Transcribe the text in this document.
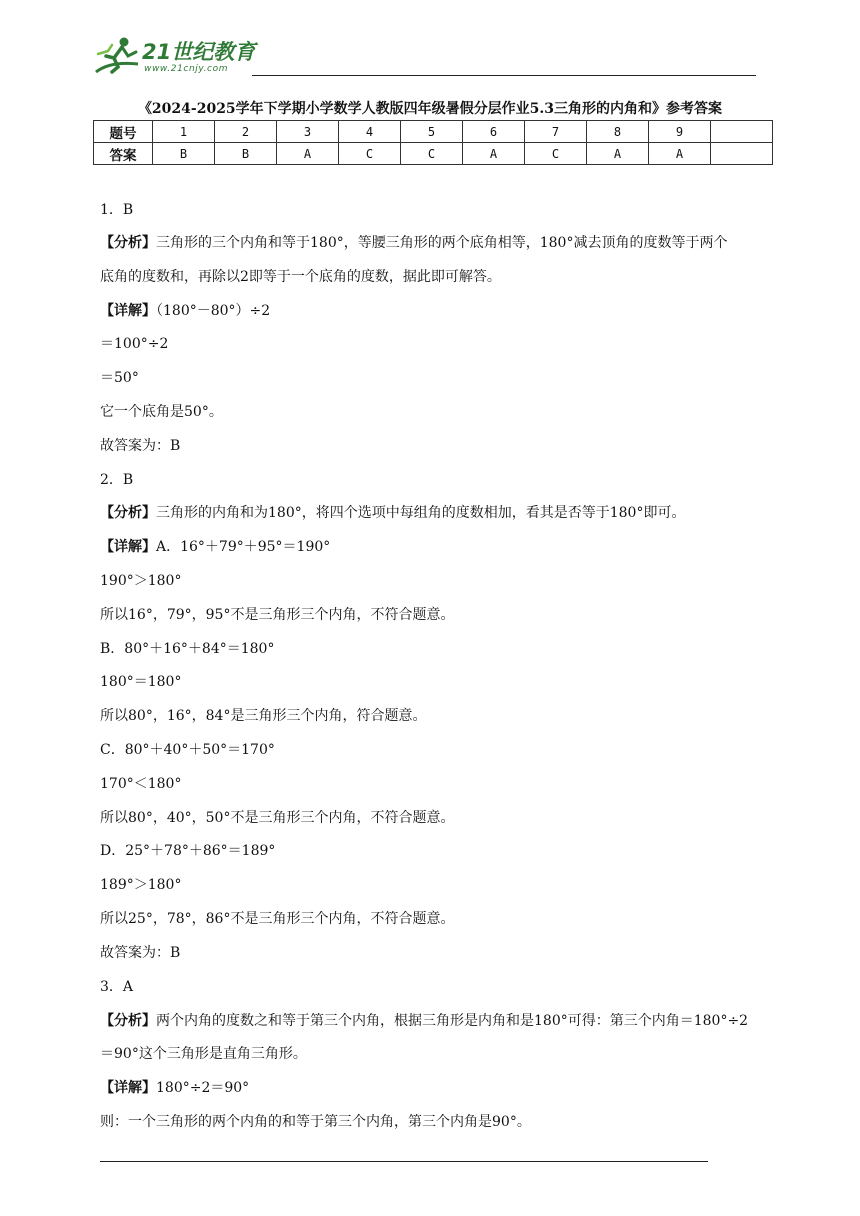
21世纪教育
www.21cnjy.com
《2024-2025学年下学期小学数学人教版四年级暑假分层作业5.3三角形的内角和》参考答案
题号	1	2	3	4	5	6	7	8	9	
答案	B	B	A	C	C	A	C	A	A	
1．B
【分析】三角形的三个内角和等于180°，等腰三角形的两个底角相等，180°减去顶角的度数等于两个
底角的度数和，再除以2即等于一个底角的度数，据此即可解答。
【详解】（180°－80°）÷2
＝100°÷2
＝50°
它一个底角是50°。
故答案为：B
2．B
【分析】三角形的内角和为180°，将四个选项中每组角的度数相加，看其是否等于180°即可。
【详解】A．16°＋79°＋95°＝190°
190°＞180°
所以16°，79°，95°不是三角形三个内角，不符合题意。
B．80°＋16°＋84°＝180°
180°＝180°
所以80°，16°，84°是三角形三个内角，符合题意。
C．80°＋40°＋50°＝170°
170°＜180°
所以80°，40°，50°不是三角形三个内角，不符合题意。
D．25°＋78°＋86°＝189°
189°＞180°
所以25°，78°，86°不是三角形三个内角，不符合题意。
故答案为：B
3．A
【分析】两个内角的度数之和等于第三个内角，根据三角形是内角和是180°可得：第三个内角＝180°÷2
＝90°这个三角形是直角三角形。
【详解】180°÷2＝90°
则：一个三角形的两个内角的和等于第三个内角，第三个内角是90°。
